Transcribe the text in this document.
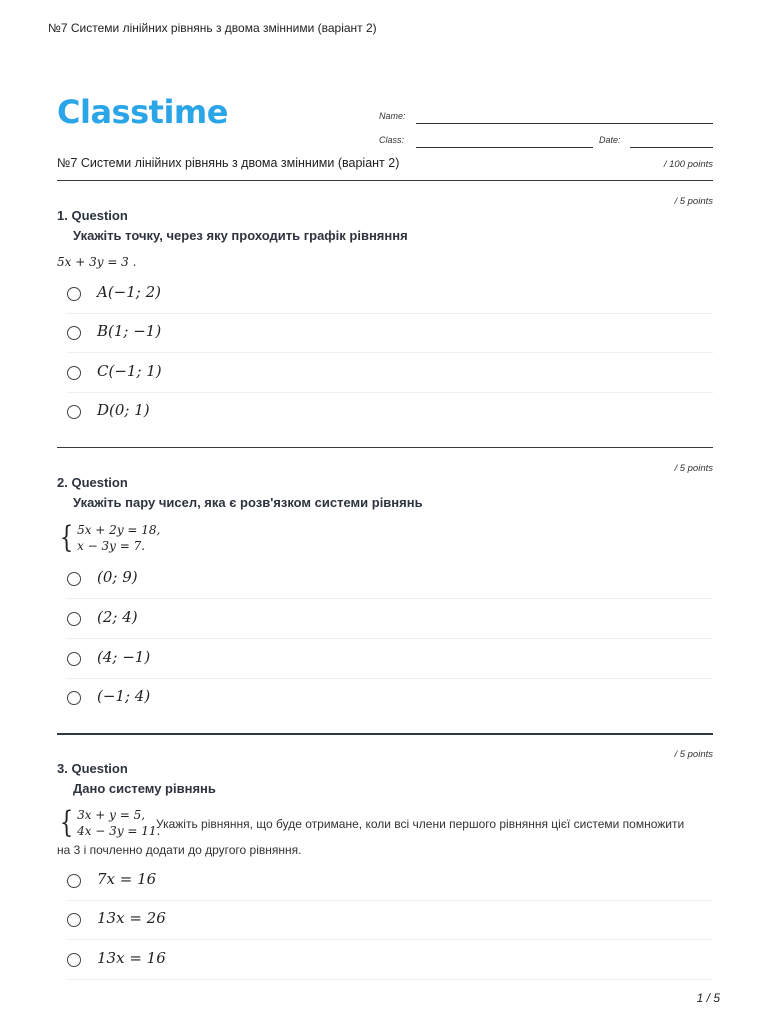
№7 Системи лінійних рівнянь з двома змінними (варіант 2)
Classtime	Name:
Class:	Date:
№7 Системи лінійних рівнянь з двома змінними (варіант 2)	/ 100 points
/ 5 points
1. Question
Укажіть точку, через яку проходить графік рівняння
5x + 3y = 3 .
A(−1; 2)
B(1; −1)
C(−1; 1)
D(0; 1)
/ 5 points
2. Question
Укажіть пару чисел, яка є розв'язком системи рівнянь
{ 5x + 2y = 18,
x − 3y = 7.
(0; 9)
(2; 4)
(4; −1)
(−1; 4)
/ 5 points
3. Question
Дано систему рівнянь
{ 3x + y = 5,
4x − 3y = 11.
Укажіть рівняння, що буде отримане, коли всі члени першого рівняння цієї системи помножити
на 3 і почленно додати до другого рівняння.
7x = 16
13x = 26
13x = 16
1 / 5
